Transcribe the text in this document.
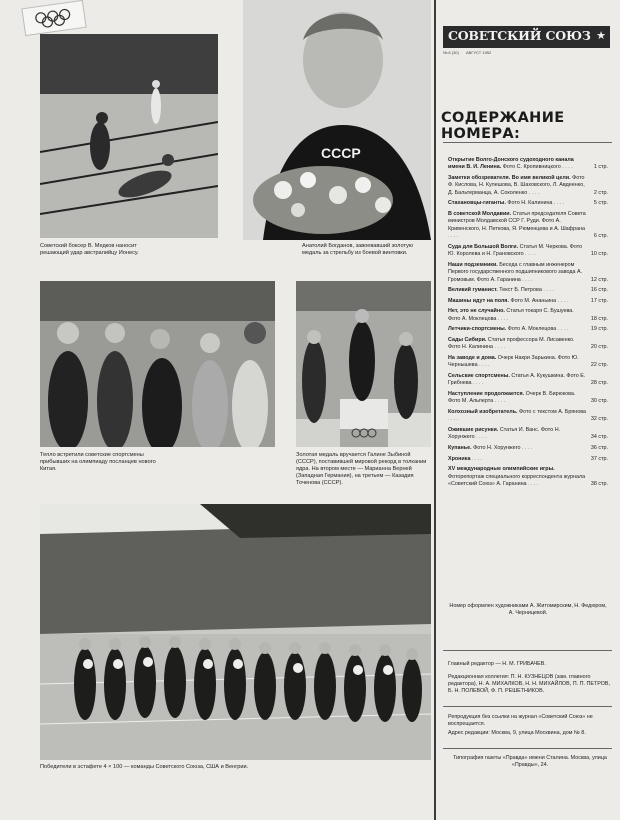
Советский боксер В. Медков наносит решающий удар австралийцу Ионесу.

СССР

Анатолий Богданов, завоевавший золотую медаль за стрельбу из боевой винтовки.

Тепло встретили советские спортсмены прибывших на олимпиаду посланцев нового Китая.

Золотая медаль вручается Галине Зыбиной (СССР), поставившей мировой рекорд в толкании ядра. На втором месте — Марианна Верней (Западная Германия), на третьем — Казадия Точенова (СССР).

Победители в эстафете 4 × 100 — команды Советского Союза, США и Венгрии.

СОВЕТСКИЙ СОЮЗ ★
№ 8 (30) АВГУСТ 1952
СОДЕРЖАНИЕ НОМЕРА:
Открытие Волго-Донского судоходного канала имени В. И. Ленина. Фото С. Кропивницкого . . . .	1 стр.
Заметки обозревателя. Во имя великой цели. Фото Ф. Кислова, Н. Кулешова, В. Шаховского, Л. Авдеенко, Д. Бальтерманца, А. Соколенко . . . .	2 стр.
Стахановцы-гиганты. Фото Н. Калинина . . . .	5 стр.
В советской Молдавии. Статья председателя Совета министров Молдавской ССР Г. Руди. Фото А. Кривенского, Н. Петкова, Я. Рюменцева и А. Шафрана . . . .	6 стр.
Суда для Большой Волги. Статья М. Черкова. Фото Ю. Королева и Н. Грановского . . . .	10 стр.
Наши подземники. Беседа с главным инженером Первого государственного подшипникового завода А. Громовым. Фото А. Гаранина . . . .	12 стр.
Великий гуманист. Текст Б. Петрова . . . .	16 стр.
Машины идут на поля. Фото М. Ананьина . . . .	17 стр.
Нет, это не случайно. Статья токаря С. Бушуева. Фото А. Моклецова . . . .	18 стр.
Летчики-спортсмены. Фото А. Моклецова . . . .	19 стр.
Сады Сибири. Статья профессора М. Лисавенко. Фото Н. Калинина . . . .	20 стр.
На заводе и дома. Очерк Накри Зарькина. Фото Ю. Чернышева . . . .	22 стр.
Сельские спортсмены. Статья А. Кукушкина. Фото Е. Грибнева . . . .	28 стр.
Наступление продолжается. Очерк В. Бирюкова. Фото М. Альперта . . . .	30 стр.
Колхозный изобретатель. Фото с текстом А. Брянова . . . .	32 стр.
Ожившие рисунки. Статья И. Ванс. Фото Н. Хорунжего . . . .	34 стр.
Купанье. Фото Н. Хорунжего . . . .	36 стр.
Хроника . . . .	37 стр.
XV международные олимпийские игры. Фоторепортаж специального корреспондента журнала «Советский Союз» А. Гаранина . . . .	38 стр.
Номер оформлен художниками А. Житомирским, Н. Федюром, А. Черницевой.

Главный редактор — Н. М. ГРИБАЧЕВ.

Редакционная коллегия: П. Н. КУЗНЕЦОВ (зам. главного редактора), Н. А. МИХАЛКОВ, Н. Н. МИХАЙЛОВ, П. П. ПЕТРОВ, Б. Н. ПОЛЕВОЙ, Ф. П. РЕШЕТНИКОВ.

Репродукция без ссылки на журнал «Советский Союз» не воспрещается.

Адрес редакции: Москва, 9, улица Москвина, дом № 8.

Типография газеты «Правда» имени Сталина. Москва, улица «Правды», 24.
